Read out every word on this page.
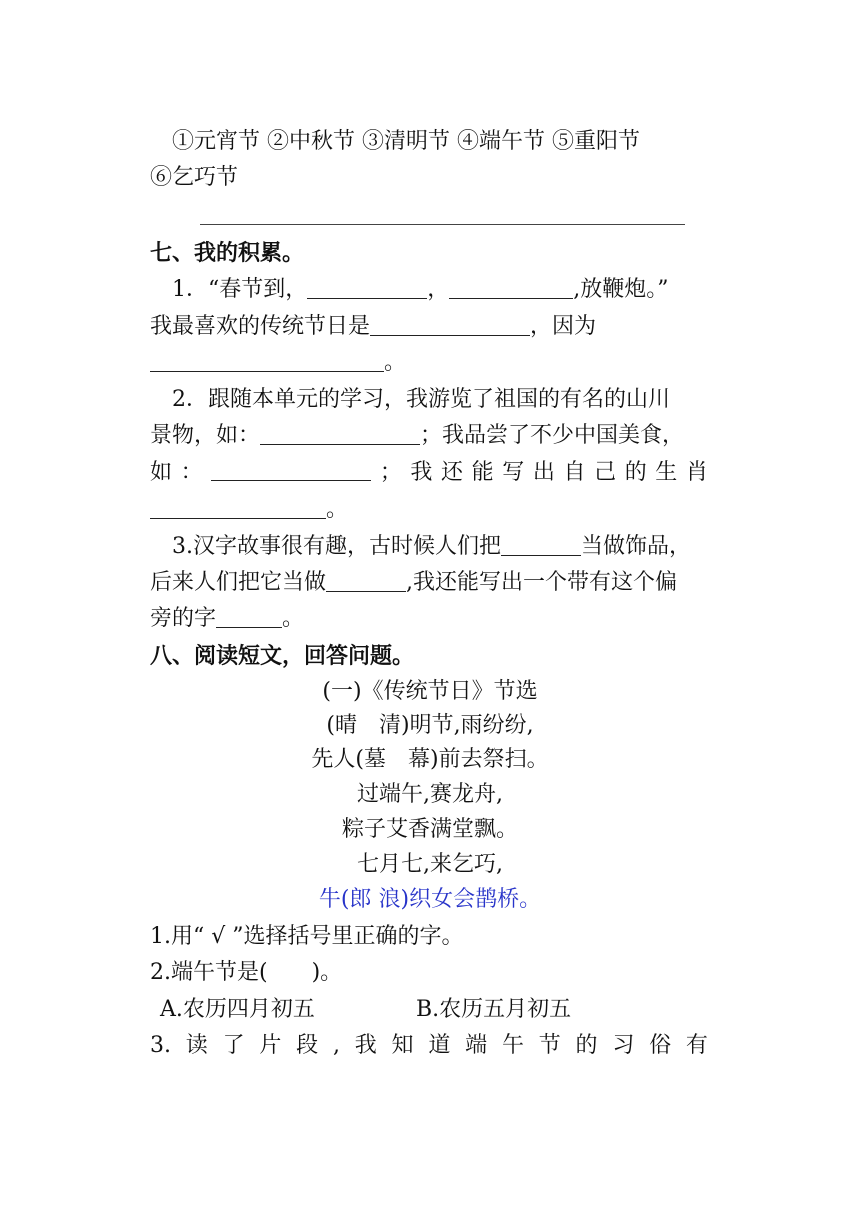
①元宵节 ②中秋节 ③清明节 ④端午节 ⑤重阳节
⑥乞巧节
七、我的积累。
1．“春节到，	，	,放鞭炮。”
我最喜欢的传统节日是	，因为
。
2．跟随本单元的学习，我游览了祖国的有名的山川
景物，如：	；我品尝了不少中国美食，
如 ：	； 我 还 能 写 出 自 己 的 生 肖
。
3.汉字故事很有趣，古时候人们把	当做饰品，
后来人们把它当做	,我还能写出一个带有这个偏
旁的字	。
八、阅读短文，回答问题。
(一)《传统节日》节选
(晴　清)明节,雨纷纷,
先人(墓　幕)前去祭扫。
过端午,赛龙舟,
粽子艾香满堂飘。
七月七,来乞巧,
牛(郎 浪)织女会鹊桥。
1.用“ √ ”选择括号里正确的字。
2.端午节是(　　)。
A.农历四月初五	B.农历五月初五
3. 读 了 片 段 , 我 知 道 端 午 节 的 习 俗 有
